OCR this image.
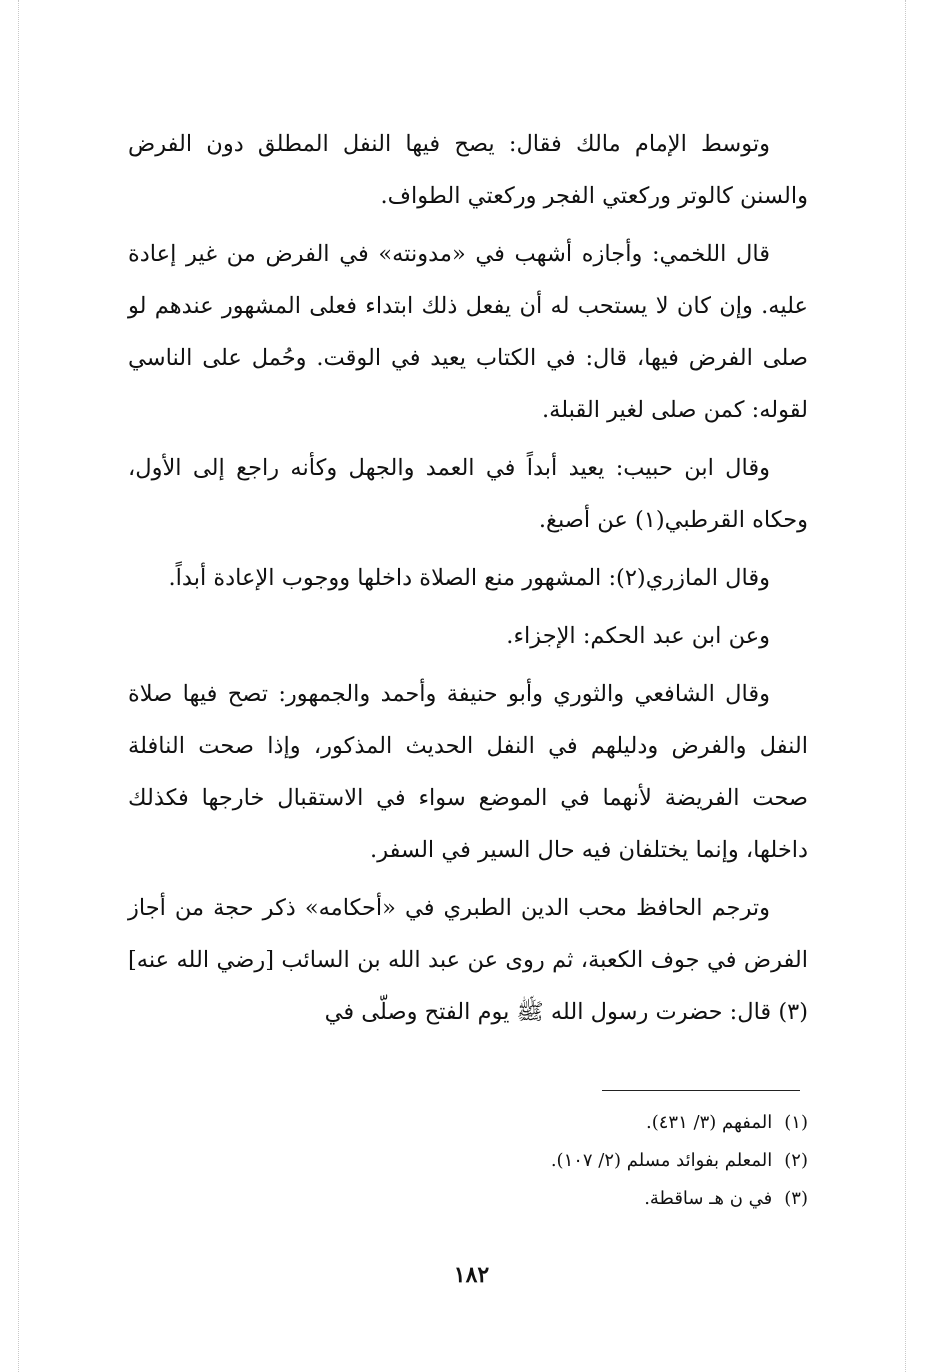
وتوسط الإمام مالك فقال: يصح فيها النفل المطلق دون الفرض والسنن كالوتر وركعتي الفجر وركعتي الطواف.

قال اللخمي: وأجازه أشهب في «مدونته» في الفرض من غير إعادة عليه. وإن كان لا يستحب له أن يفعل ذلك ابتداء فعلى المشهور عندهم لو صلى الفرض فيها، قال: في الكتاب يعيد في الوقت. وحُمل على الناسي لقوله: كمن صلى لغير القبلة.

وقال ابن حبيب: يعيد أبداً في العمد والجهل وكأنه راجع إلى الأول، وحكاه القرطبي(١) عن أصبغ.

وقال المازري(٢): المشهور منع الصلاة داخلها ووجوب الإعادة أبداً.

وعن ابن عبد الحكم: الإجزاء.

وقال الشافعي والثوري وأبو حنيفة وأحمد والجمهور: تصح فيها صلاة النفل والفرض ودليلهم في النفل الحديث المذكور، وإذا صحت النافلة صحت الفريضة لأنهما في الموضع سواء في الاستقبال خارجها فكذلك داخلها، وإنما يختلفان فيه حال السير في السفر.

وترجم الحافظ محب الدين الطبري في «أحكامه» ذكر حجة من أجاز الفرض في جوف الكعبة، ثم روى عن عبد الله بن السائب [رضي الله عنه](٣) قال: حضرت رسول الله ﷺ يوم الفتح وصلّى في

(١)المفهم (٣/ ٤٣١).

(٢)المعلم بفوائد مسلم (٢/ ١٠٧).

(٣)في ن هـ ساقطة.

١٨٢
